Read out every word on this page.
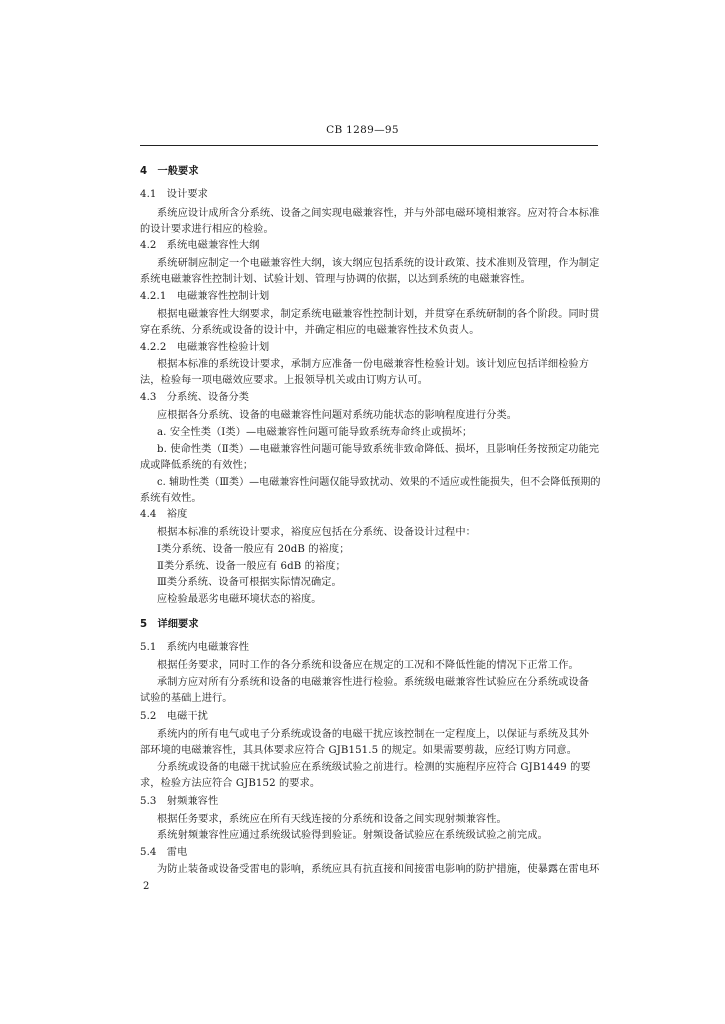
CB 1289—95
4　一般要求
4.1　设计要求
系统应设计成所含分系统、设备之间实现电磁兼容性，并与外部电磁环境相兼容。应对符合本标准
的设计要求进行相应的检验。
4.2　系统电磁兼容性大纲
系统研制应制定一个电磁兼容性大纲，该大纲应包括系统的设计政策、技术准则及管理，作为制定
系统电磁兼容性控制计划、试验计划、管理与协调的依据，以达到系统的电磁兼容性。
4.2.1　电磁兼容性控制计划
根据电磁兼容性大纲要求，制定系统电磁兼容性控制计划，并贯穿在系统研制的各个阶段。同时贯
穿在系统、分系统或设备的设计中，并确定相应的电磁兼容性技术负责人。
4.2.2　电磁兼容性检验计划
根据本标准的系统设计要求，承制方应准备一份电磁兼容性检验计划。该计划应包括详细检验方
法，检验每一项电磁效应要求。上报领导机关或由订购方认可。
4.3　分系统、设备分类
应根据各分系统、设备的电磁兼容性问题对系统功能状态的影响程度进行分类。
a. 安全性类（Ⅰ类）—电磁兼容性问题可能导致系统寿命终止或损坏；
b. 使命性类（Ⅱ类）—电磁兼容性问题可能导致系统非致命降低、损坏，且影响任务按预定功能完
成或降低系统的有效性；
c. 辅助性类（Ⅲ类）—电磁兼容性问题仅能导致扰动、效果的不适应或性能损失，但不会降低预期的
系统有效性。
4.4　裕度
根据本标准的系统设计要求，裕度应包括在分系统、设备设计过程中：
Ⅰ类分系统、设备一般应有 20dB 的裕度；
Ⅱ类分系统、设备一般应有 6dB 的裕度；
Ⅲ类分系统、设备可根据实际情况确定。
应检验最恶劣电磁环境状态的裕度。
5　详细要求
5.1　系统内电磁兼容性
根据任务要求，同时工作的各分系统和设备应在规定的工况和不降低性能的情况下正常工作。
承制方应对所有分系统和设备的电磁兼容性进行检验。系统级电磁兼容性试验应在分系统或设备
试验的基础上进行。
5.2　电磁干扰
系统内的所有电气或电子分系统或设备的电磁干扰应该控制在一定程度上，以保证与系统及其外
部环境的电磁兼容性，其具体要求应符合 GJB151.5 的规定。如果需要剪裁，应经订购方同意。
分系统或设备的电磁干扰试验应在系统级试验之前进行。检测的实施程序应符合 GJB1449 的要
求，检验方法应符合 GJB152 的要求。
5.3　射频兼容性
根据任务要求，系统应在所有天线连接的分系统和设备之间实现射频兼容性。
系统射频兼容性应通过系统级试验得到验证。射频设备试验应在系统级试验之前完成。
5.4　雷电
为防止装备或设备受雷电的影响，系统应具有抗直接和间接雷电影响的防护措施，使暴露在雷电环
2
